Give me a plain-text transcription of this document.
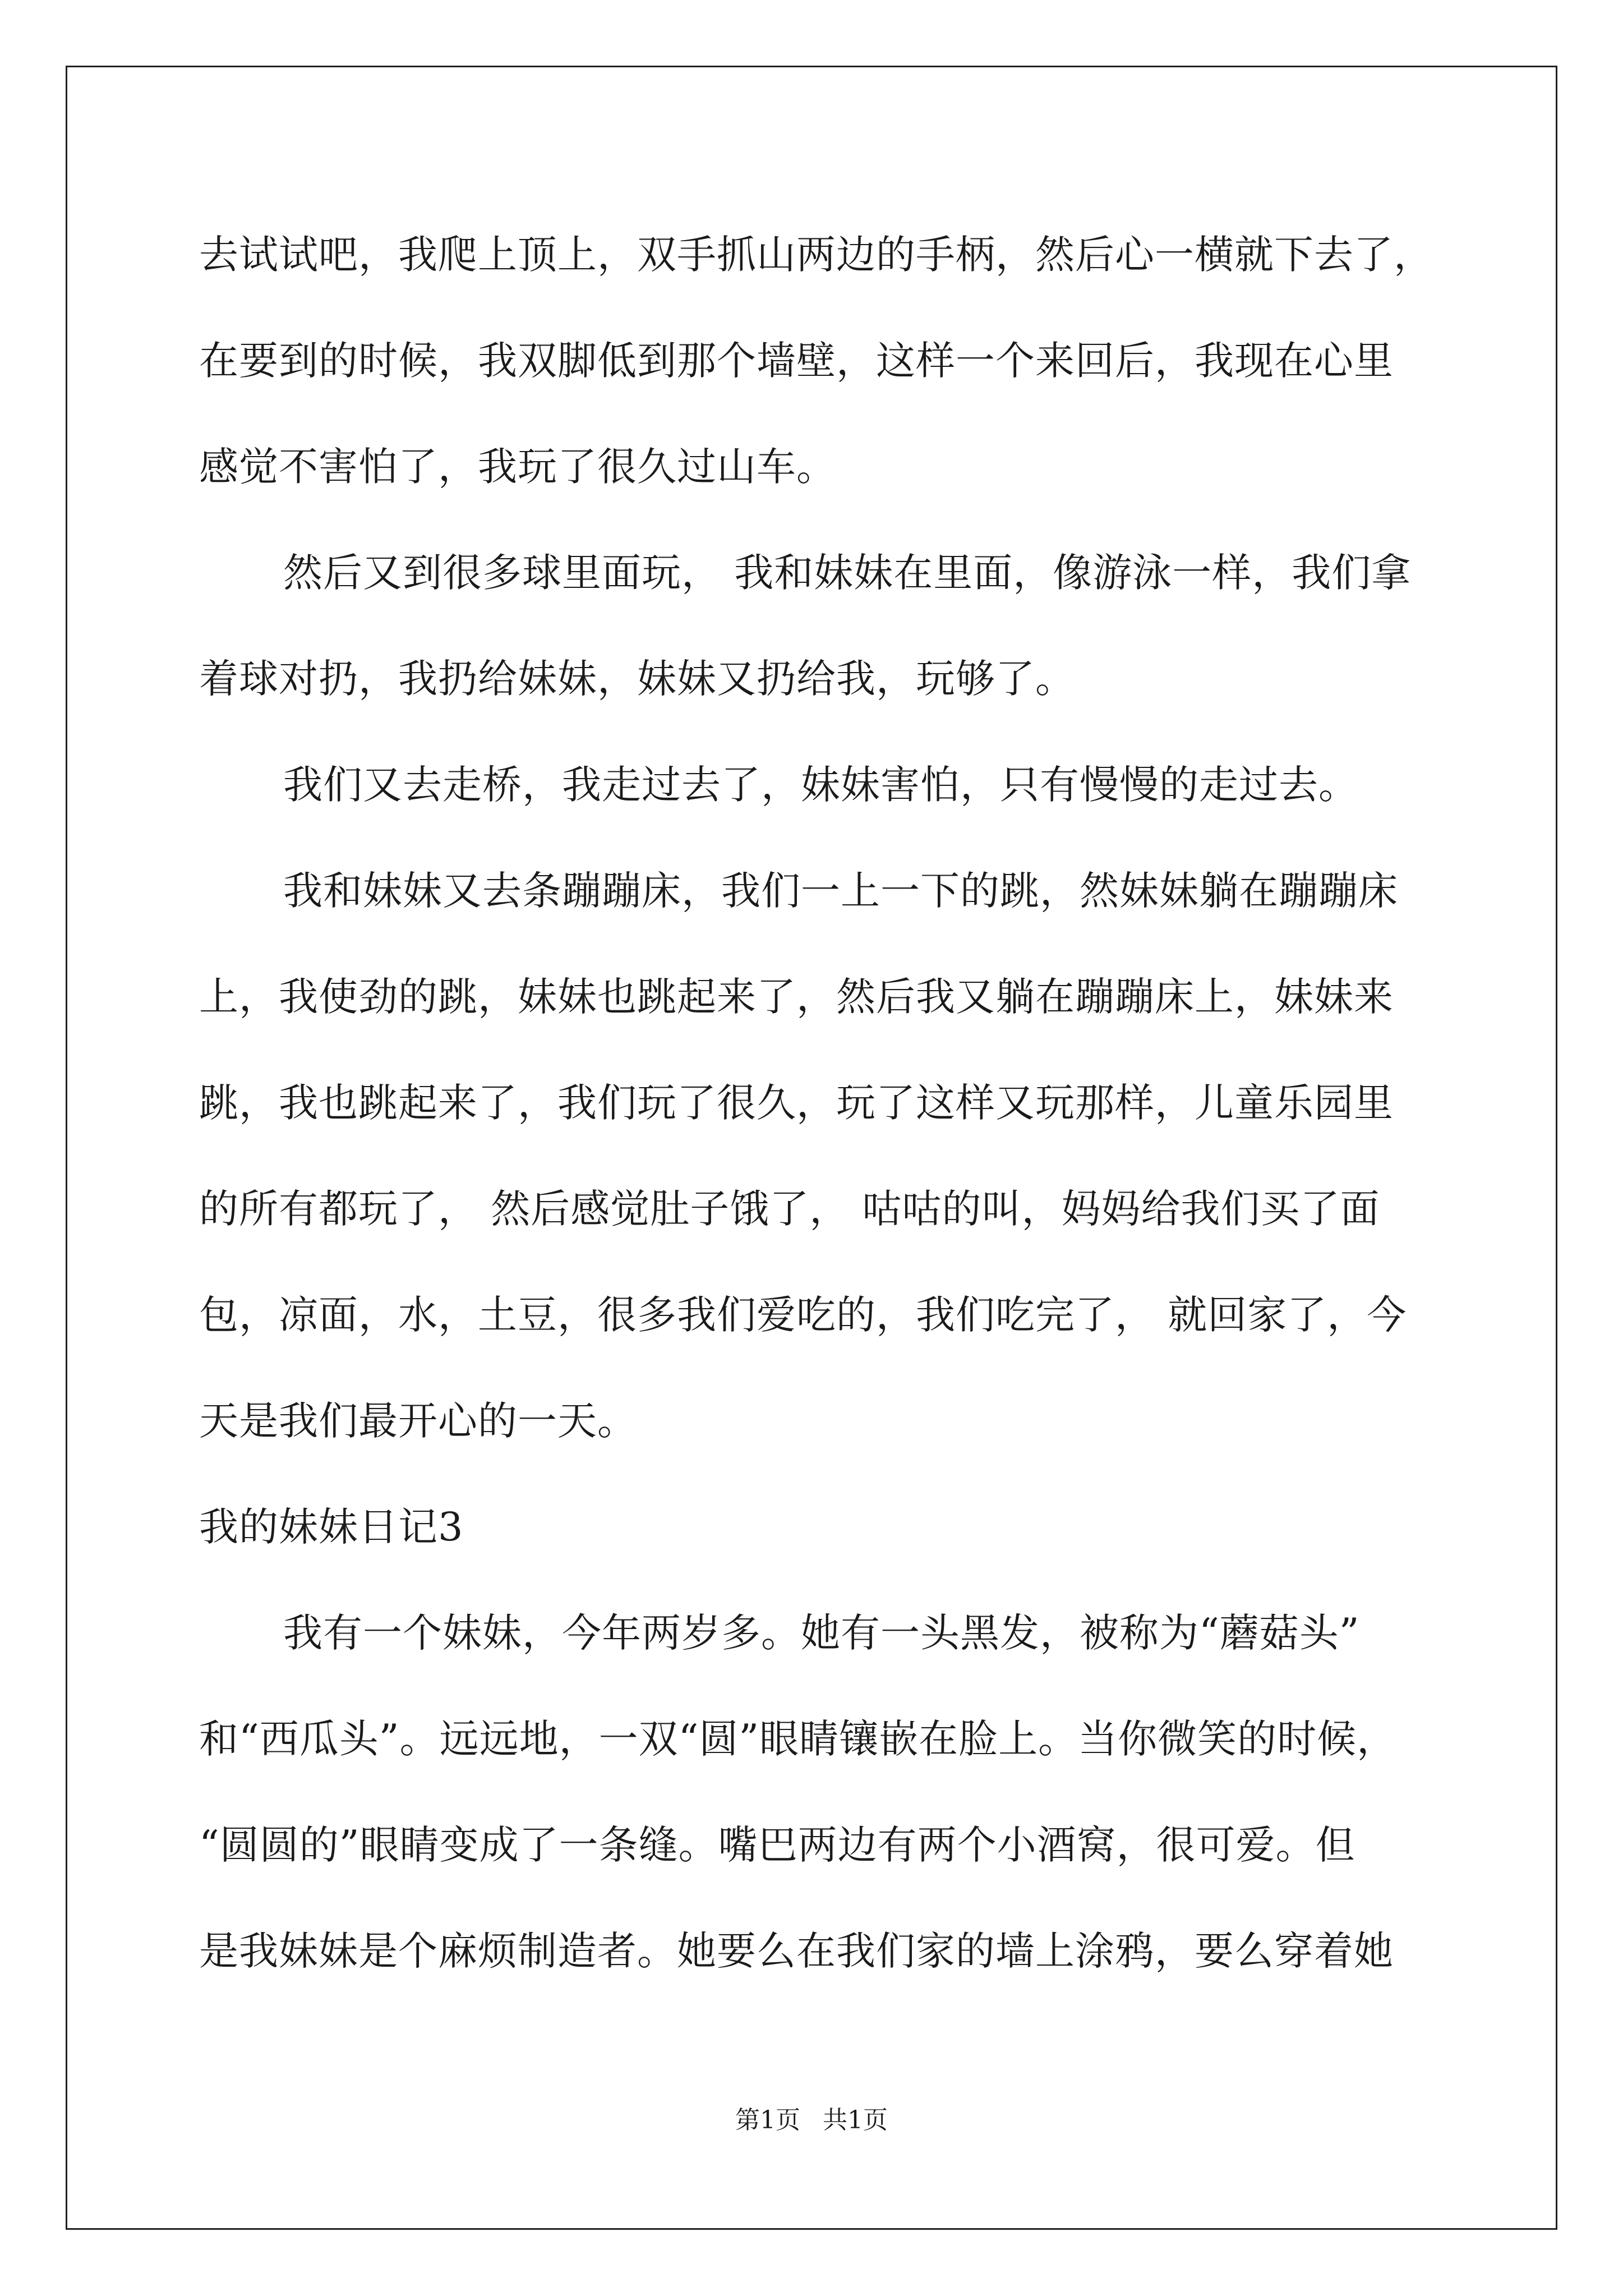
去试试吧，我爬上顶上，双手抓山两边的手柄，然后心一横就下去了，
在要到的时候，我双脚低到那个墙壁，这样一个来回后，我现在心里
感觉不害怕了，我玩了很久过山车。
然后又到很多球里面玩， 我和妹妹在里面，像游泳一样，我们拿
着球对扔，我扔给妹妹，妹妹又扔给我，玩够了。
我们又去走桥，我走过去了，妹妹害怕，只有慢慢的走过去。
我和妹妹又去条蹦蹦床，我们一上一下的跳，然妹妹躺在蹦蹦床
上，我使劲的跳，妹妹也跳起来了，然后我又躺在蹦蹦床上，妹妹来
跳，我也跳起来了，我们玩了很久，玩了这样又玩那样，儿童乐园里
的所有都玩了， 然后感觉肚子饿了， 咕咕的叫，妈妈给我们买了面
包，凉面，水，土豆，很多我们爱吃的，我们吃完了， 就回家了，今
天是我们最开心的一天。
我的妹妹日记3
我有一个妹妹，今年两岁多。她有一头黑发，被称为“蘑菇头”
和“西瓜头”。远远地，一双“圆”眼睛镶嵌在脸上。当你微笑的时候，
“圆圆的”眼睛变成了一条缝。嘴巴两边有两个小酒窝，很可爱。但
是我妹妹是个麻烦制造者。她要么在我们家的墙上涂鸦，要么穿着她
第1页 共1页
